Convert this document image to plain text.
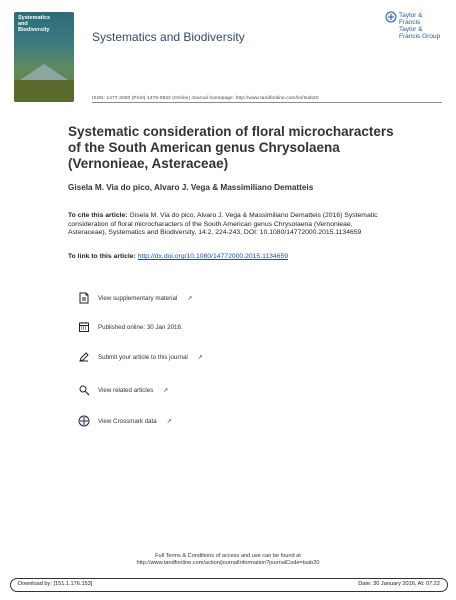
Systematics
and
Biodiversity	Systematics and Biodiversity
Taylor & Francis
Taylor & Francis Group
ISSN: 1477-2000 (Print) 1478-0933 (Online) Journal homepage: http://www.tandfonline.com/loi/tsab20
Systematic consideration of floral microcharacters of the South American genus Chrysolaena (Vernonieae, Asteraceae)
Gisela M. Via do pico, Alvaro J. Vega & Massimiliano Dematteis
To cite this article: Gisela M. Via do pico, Alvaro J. Vega & Massimiliano Dematteis (2016) Systematic consideration of floral microcharacters of the South American genus Chrysolaena (Vernonieae, Asteraceae), Systematics and Biodiversity, 14:2, 224-243, DOI: 10.1080/14772000.2015.1134659
To link to this article: http://dx.doi.org/10.1080/14772000.2015.1134659
View supplementary material ↗
Published online: 30 Jan 2016.
Submit your article to this journal ↗
View related articles ↗
View Crossmark data ↗
Full Terms & Conditions of access and use can be found at
http://www.tandfonline.com/action/journalInformation?journalCode=tsab20
Download by: [151.1.176.153]	Date: 30 January 2016, At: 07:22
